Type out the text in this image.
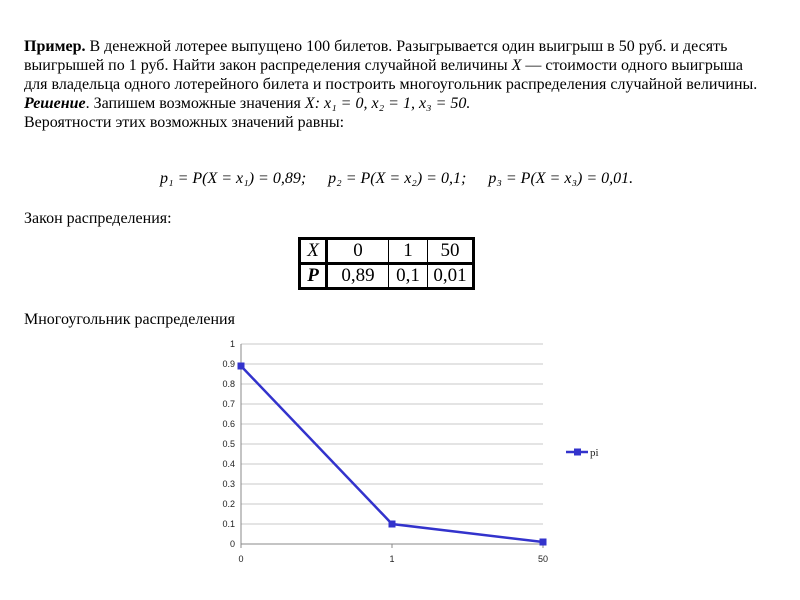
Пример. В денежной лотерее выпущено 100 билетов. Разыгрывается один выигрыш в 50 руб. и десять выигрышей по 1 руб. Найти закон распределения случайной величины X — стоимости одного выигрыша для владельца одного лотерейного билета и построить многоугольник распределения случайной величины.
Решение. Запишем возможные значения X: x₁ = 0, x₂ = 1, x₃ = 50.
Вероятности этих возможных значений равны:
p₁ = P(X = x₁) = 0,89; p₂ = P(X = x₂) = 0,1; p₃ = P(X = x₃) = 0,01.
Закон распределения:
X	0	1	50
P	0,89	0,1	0,01
Многоугольник распределения
0
0.1
0.2
0.3
0.4
0.5
0.6
0.7
0.8
0.9
1
0	1	50
pi
